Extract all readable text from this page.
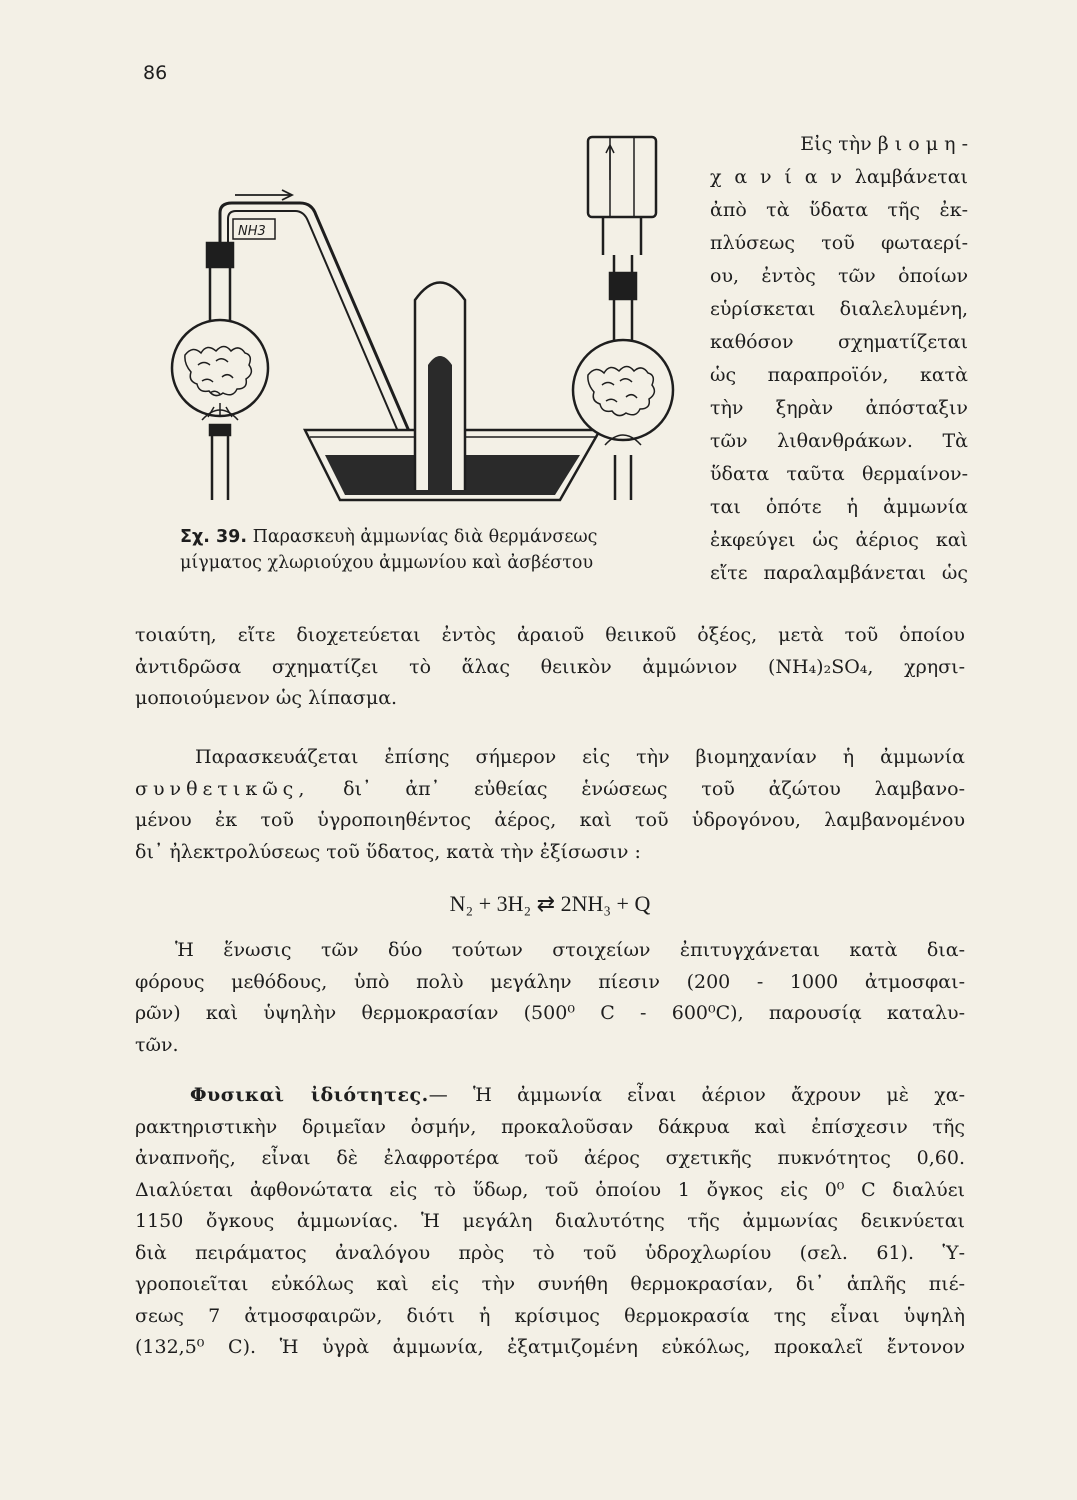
86
NH3
Σχ. 39. Παρασκευὴ ἀμμωνίας διὰ θερμάνσεως
μίγματος χλωριούχου ἀμμωνίου καὶ ἀσβέστου
Εἰς τὴν β ι ο μ η -
χ α ν ί α ν λαμβάνεται
ἀπὸ τὰ ὕδατα τῆς ἐκ-
πλύσεως τοῦ φωταερί-
ου, ἐντὸς τῶν ὁποίων
εὑρίσκεται διαλελυμένη,
καθόσον σχηματίζεται
ὡς παραπροϊόν, κατὰ
τὴν ξηρὰν ἀπόσταξιν
τῶν λιθανθράκων. Τὰ
ὕδατα ταῦτα θερμαίνον-
ται ὁπότε ἡ ἀμμωνία
ἐκφεύγει ὡς ἀέριος καὶ
εἴτε παραλαμβάνεται ὡς
τοιαύτη, εἴτε διοχετεύεται ἐντὸς ἀραιοῦ θειικοῦ ὀξέος, μετὰ τοῦ ὁποίου
ἀντιδρῶσα σχηματίζει τὸ ἅλας θειικὸν ἀμμώνιον (NH₄)₂SO₄, χρησι-
μοποιούμενον ὡς λίπασμα.
Παρασκευάζεται ἐπίσης σήμερον εἰς τὴν βιομηχανίαν ἡ ἀμμωνία
συνθετικῶς, δι᾽ ἀπ᾽ εὐθείας ἑνώσεως τοῦ ἀζώτου λαμβανο-
μένου ἐκ τοῦ ὑγροποιηθέντος ἀέρος, καὶ τοῦ ὑδρογόνου, λαμβανομένου
δι᾽ ἠλεκτρολύσεως τοῦ ὕδατος, κατὰ τὴν ἐξίσωσιν :
N₂ + 3H₂ ⇄ 2NH₃ + Q
Ἡ ἕνωσις τῶν δύο τούτων στοιχείων ἐπιτυγχάνεται κατὰ δια-
φόρους μεθόδους, ὑπὸ πολὺ μεγάλην πίεσιν (200 - 1000 ἀτμοσφαι-
ρῶν) καὶ ὑψηλὴν θερμοκρασίαν (500⁰ C - 600⁰C), παρουσίᾳ καταλυ-
τῶν.
Φυσικαὶ ἰδιότητες.— Ἡ ἀμμωνία εἶναι ἀέριον ἄχρουν μὲ χα-
ρακτηριστικὴν δριμεῖαν ὀσμήν, προκαλοῦσαν δάκρυα καὶ ἐπίσχεσιν τῆς
ἀναπνοῆς, εἶναι δὲ ἐλαφροτέρα τοῦ ἀέρος σχετικῆς πυκνότητος 0,60.
Διαλύεται ἀφθονώτατα εἰς τὸ ὕδωρ, τοῦ ὁποίου 1 ὄγκος εἰς 0⁰ C διαλύει
1150 ὄγκους ἀμμωνίας. Ἡ μεγάλη διαλυτότης τῆς ἀμμωνίας δεικνύεται
διὰ πειράματος ἀναλόγου πρὸς τὸ τοῦ ὑδροχλωρίου (σελ. 61). Ὑ-
γροποιεῖται εὐκόλως καὶ εἰς τὴν συνήθη θερμοκρασίαν, δι᾽ ἁπλῆς πιέ-
σεως 7 ἀτμοσφαιρῶν, διότι ἡ κρίσιμος θερμοκρασία της εἶναι ὑψηλὴ
(132,5⁰ C). Ἡ ὑγρὰ ἀμμωνία, ἐξατμιζομένη εὐκόλως, προκαλεῖ ἔντονον
